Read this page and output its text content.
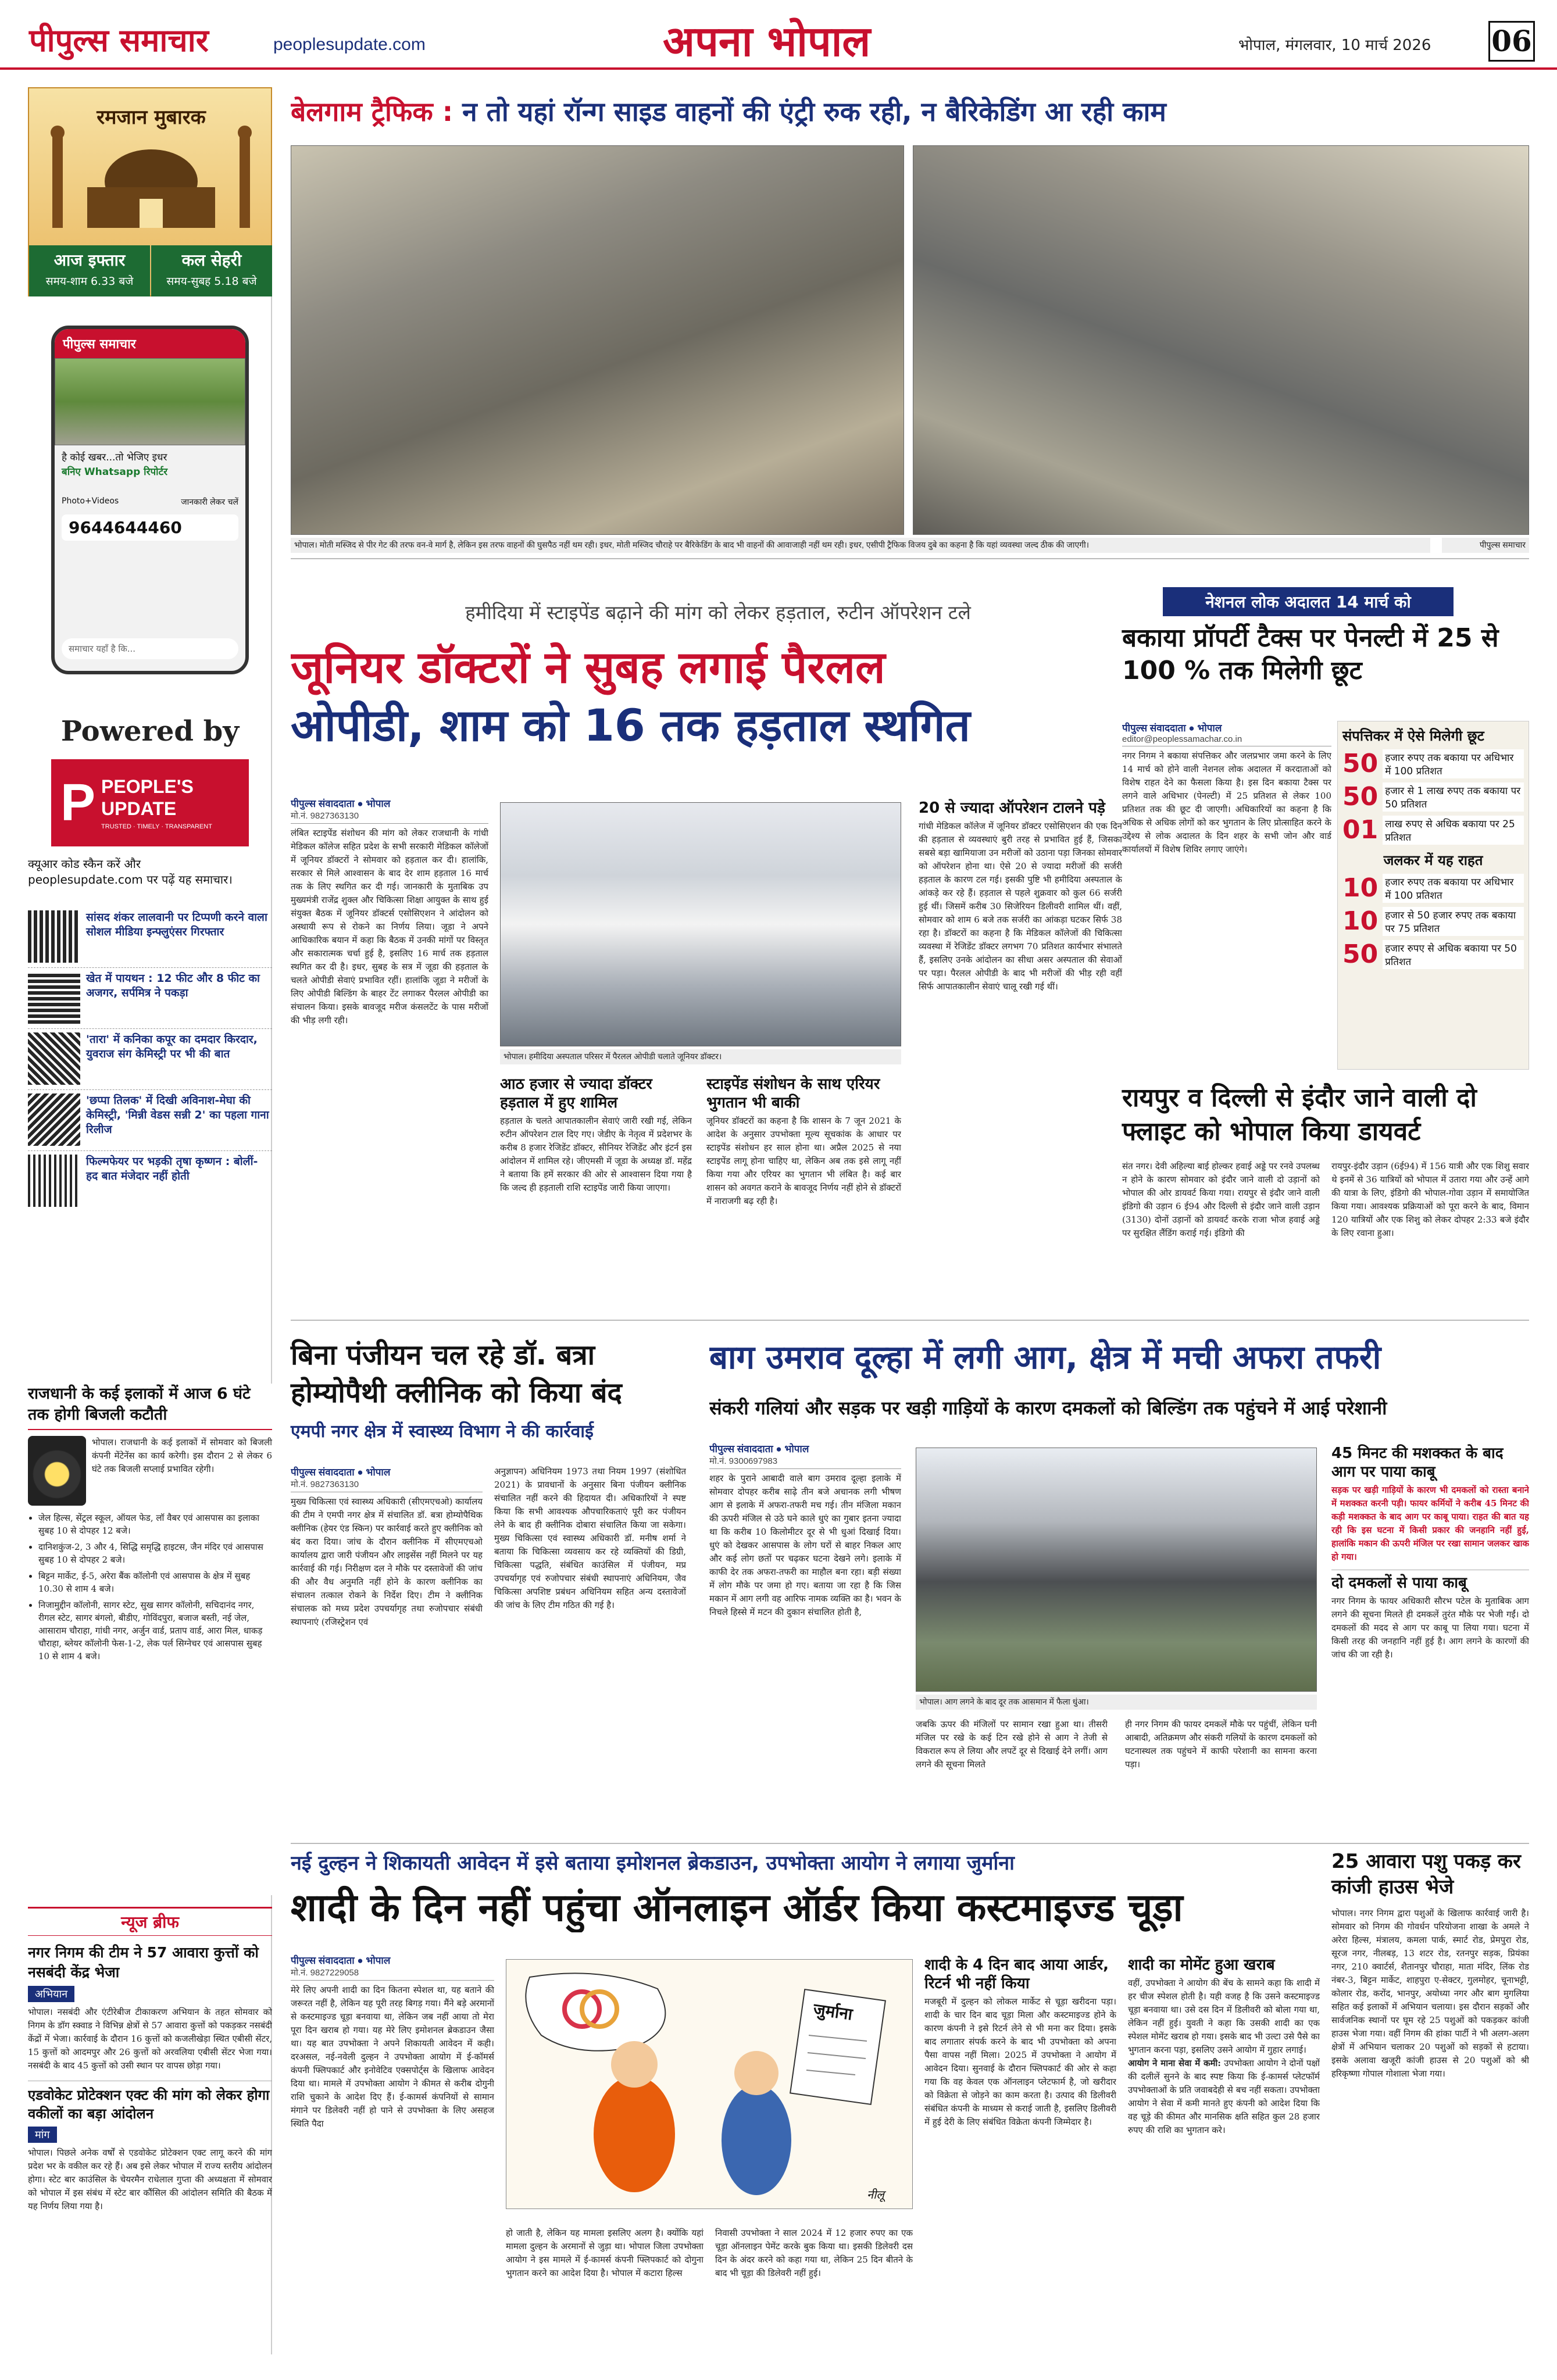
पीपुल्स समाचार	peoplesupdate.com	अपना भोपाल	भोपाल, मंगलवार, 10 मार्च 2026 06
रमजान मुबारक
आज इफ्तार
समय-शाम 6.33 बजे
कल सेहरी
समय-सुबह 5.18 बजे
पीपुल्स समाचार
है कोई खबर...तो भेजिए इधर
बनिए Whatsapp रिपोर्टर
Photo+Videos	जानकारी लेकर चलें
9644644460
समाचार यहाँ है कि...
Powered by
P PEOPLE'S UPDATE
TRUSTED · TIMELY · TRANSPARENT
क्यूआर कोड स्कैन करें और
peoplesupdate.com पर पढ़ें यह समाचार।
सांसद शंकर लालवानी पर टिप्पणी करने वाला सोशल मीडिया इन्फ्लुएंसर गिरफ्तार
खेत में पायथन : 12 फीट और 8 फीट का अजगर, सर्पमित्र ने पकड़ा
'तारा' में कनिका कपूर का दमदार किरदार, युवराज संग केमिस्ट्री पर भी की बात
'छप्पा तिलक' में दिखी अविनाश-मेघा की केमिस्ट्री, 'मिन्नी वेडस सन्नी 2' का पहला गाना रिलीज
फिल्मफेयर पर भड़की तृषा कृष्णन : बोलीं- हद बात मंजेदार नहीं होती
राजधानी के कई इलाकों में आज 6 घंटे तक होगी बिजली कटौती
भोपाल। राजधानी के कई इलाकों में सोमवार को बिजली कंपनी मेंटेनेंस का कार्य करेगी। इस दौरान 2 से लेकर 6 घंटे तक बिजली सप्लाई प्रभावित रहेगी।
• जेल हिल्स, सेंट्रल स्कूल, ऑयल फेड, लॉ वैबर एवं आसपास का इलाका सुबह 10 से दोपहर 12 बजे।
• दानिशकुंज-2, 3 और 4, सिद्धि समृद्धि हाइटस, जैन मंदिर एवं आसपास सुबह 10 से दोपहर 2 बजे।
• बिट्टन मार्केट, ई-5, अरेरा बैंक कॉलोनी एवं आसपास के क्षेत्र में सुबह 10.30 से शाम 4 बजे।
• निजामुद्दीन कॉलोनी, सागर स्टेट, सुख सागर कॉलोनी, सचिदानंद नगर, रीगल स्टेट, सागर बंगलो, बीडीए, गोविंदपुरा, बजाज बस्ती, नई जेल, आसाराम चौराहा, गांधी नगर, अर्जुन वार्ड, प्रताप वार्ड, आरा मिल, धाकड़ चौराहा, ब्लेयर कॉलोनी फेस-1-2, लेक पर्ल सिग्नेचर एवं आसपास सुबह 10 से शाम 4 बजे।
न्यूज ब्रीफ
नगर निगम की टीम ने 57 आवारा कुत्तों को नसबंदी केंद्र भेजा
अभियान
भोपाल। नसबंदी और एंटीरेबीज टीकाकरण अभियान के तहत सोमवार को निगम के डॉग स्क्वाड ने विभिन्न क्षेत्रों से 57 आवारा कुत्तों को पकड़कर नसबंदी केंद्रों में भेजा। कार्रवाई के दौरान 16 कुत्तों को कजलीखेड़ा स्थित एबीसी सेंटर, 15 कुत्तों को आदमपुर और 26 कुत्तों को अरवलिया एबीसी सेंटर भेजा गया। नसबंदी के बाद 45 कुत्तों को उसी स्थान पर वापस छोड़ा गया।
एडवोकेट प्रोटेक्शन एक्ट की मांग को लेकर होगा वकीलों का बड़ा आंदोलन
मांग
भोपाल। पिछले अनेक वर्षों से एडवोकेट प्रोटेक्शन एक्ट लागू करने की मांग प्रदेश भर के वकील कर रहे हैं। अब इसे लेकर भोपाल में राज्य स्तरीय आंदोलन होगा। स्टेट बार काउंसिल के चेयरमैन राधेलाल गुप्ता की अध्यक्षता में सोमवार को भोपाल में इस संबंध में स्टेट बार कौंसिल की आंदोलन समिति की बैठक में यह निर्णय लिया गया है।
बेलगाम ट्रैफिक : न तो यहां रॉन्ग साइड वाहनों की एंट्री रुक रही, न बैरिकेडिंग आ रही काम
भोपाल। मोती मस्जिद से पीर गेट की तरफ वन-वे मार्ग है, लेकिन इस तरफ वाहनों की घुसपैठ नहीं थम रही। इधर, मोती मस्जिद चौराहे पर बैरिकेडिंग के बाद भी वाहनों की आवाजाही नहीं थम रही। इधर, एसीपी ट्रैफिक विजय दुबे का कहना है कि यहां व्यवस्था जल्द ठीक की जाएगी।	पीपुल्स समाचार
हमीदिया में स्टाइपेंड बढ़ाने की मांग को लेकर हड़ताल, रुटीन ऑपरेशन टले
जूनियर डॉक्टरों ने सुबह लगाई पैरलल
ओपीडी, शाम को 16 तक हड़ताल स्थगित
पीपुल्स संवाददाता ● भोपाल
मो.नं. 9827363130
लंबित स्टाइपेंड संशोधन की मांग को लेकर राजधानी के गांधी मेडिकल कॉलेज सहित प्रदेश के सभी सरकारी मेडिकल कॉलेजों में जूनियर डॉक्टरों ने सोमवार को हड़ताल कर दी। हालांकि, सरकार से मिले आश्वासन के बाद देर शाम हड़ताल 16 मार्च तक के लिए स्थगित कर दी गई। जानकारी के मुताबिक उप मुख्यमंत्री राजेंद्र शुक्ल और चिकित्सा शिक्षा आयुक्त के साथ हुई संयुक्त बैठक में जूनियर डॉक्टर्स एसोसिएशन ने आंदोलन को अस्थायी रूप से रोकने का निर्णय लिया। जूडा ने अपने आधिकारिक बयान में कहा कि बैठक में उनकी मांगों पर विस्तृत और सकारात्मक चर्चा हुई है, इसलिए 16 मार्च तक हड़ताल स्थगित कर दी है। इधर, सुबह के सत्र में जूडा की हड़ताल के चलते ओपीडी सेवाएं प्रभावित रहीं। हालांकि जूडा ने मरीजों के लिए ओपीडी बिल्डिंग के बाहर टेंट लगाकर पैरलल ओपीडी का संचालन किया। इसके बावजूद मरीज कंसलटेंट के पास मरीजों की भीड़ लगी रही।
भोपाल। हमीदिया अस्पताल परिसर में पैरलल ओपीडी चलाते जूनियर डॉक्टर।
20 से ज्यादा ऑपरेशन टालने पड़े
गांधी मेडिकल कॉलेज में जूनियर डॉक्टर एसोसिएशन की एक दिन की हड़ताल से व्यवस्थाएं बुरी तरह से प्रभावित हुई हैं, जिसका सबसे बड़ा खामियाजा उन मरीजों को उठाना पड़ा जिनका सोमवार को ऑपरेशन होना था। ऐसे 20 से ज्यादा मरीजों की सर्जरी हड़ताल के कारण टल गई। इसकी पुष्टि भी हमीदिया अस्पताल के आंकड़े कर रहे हैं। हड़ताल से पहले शुक्रवार को कुल 66 सर्जरी हुई थीं। जिसमें करीब 30 सिजेरियन डिलीवरी शामिल थीं। वहीं, सोमवार को शाम 6 बजे तक सर्जरी का आंकड़ा घटकर सिर्फ 38 रहा है। डॉक्टरों का कहना है कि मेडिकल कॉलेजों की चिकित्सा व्यवस्था में रेजिडेंट डॉक्टर लगभग 70 प्रतिशत कार्यभार संभालते हैं, इसलिए उनके आंदोलन का सीधा असर अस्पताल की सेवाओं पर पड़ा। पैरलल ओपीडी के बाद भी मरीजों की भीड़ रही वहीं सिर्फ आपातकालीन सेवाएं चालू रखी गई थीं।
आठ हजार से ज्यादा डॉक्टर हड़ताल में हुए शामिल
हड़ताल के चलते आपातकालीन सेवाएं जारी रखी गई, लेकिन रुटीन ऑपरेशन टाल दिए गए। जेडीए के नेतृत्व में प्रदेशभर के करीब 8 हजार रेजिडेंट डॉक्टर, सीनियर रेजिडेंट और इंटर्न इस आंदोलन में शामिल रहे। जीएमसी में जूडा के अध्यक्ष डॉ. महेंद्र ने बताया कि हमें सरकार की ओर से आश्वासन दिया गया है कि जल्द ही हड़ताली राशि स्टाइपेंड जारी किया जाएगा।
स्टाइपेंड संशोधन के साथ एरियर भुगतान भी बाकी
जूनियर डॉक्टरों का कहना है कि शासन के 7 जून 2021 के आदेश के अनुसार उपभोक्ता मूल्य सूचकांक के आधार पर स्टाइपेंड संशोधन हर साल होना था। अप्रैल 2025 से नया स्टाइपेंड लागू होना चाहिए था, लेकिन अब तक इसे लागू नहीं किया गया और एरियर का भुगतान भी लंबित है। कई बार शासन को अवगत कराने के बावजूद निर्णय नहीं होने से डॉक्टरों में नाराजगी बढ़ रही है।
नेशनल लोक अदालत 14 मार्च को
बकाया प्रॉपर्टी टैक्स पर पेनल्टी में 25 से 100 % तक मिलेगी छूट
पीपुल्स संवाददाता ● भोपाल
editor@peoplessamachar.co.in
नगर निगम ने बकाया संपत्तिकर और जलप्रभार जमा करने के लिए 14 मार्च को होने वाली नेशनल लोक अदालत में करदाताओं को विशेष राहत देने का फैसला किया है। इस दिन बकाया टैक्स पर लगने वाले अधिभार (पेनल्टी) में 25 प्रतिशत से लेकर 100 प्रतिशत तक की छूट दी जाएगी। अधिकारियों का कहना है कि अधिक से अधिक लोगों को कर भुगतान के लिए प्रोत्साहित करने के उद्देश्य से लोक अदालत के दिन शहर के सभी जोन और वार्ड कार्यालयों में विशेष शिविर लगाए जाएंगे।
संपत्तिकर में ऐसे मिलेगी छूट
50 हजार रुपए तक बकाया पर अधिभार में 100 प्रतिशत
50 हजार से 1 लाख रुपए तक बकाया पर 50 प्रतिशत
01 लाख रुपए से अधिक बकाया पर 25 प्रतिशत
जलकर में यह राहत
10 हजार रुपए तक बकाया पर अधिभार में 100 प्रतिशत
10 हजार से 50 हजार रुपए तक बकाया पर 75 प्रतिशत
50 हजार रुपए से अधिक बकाया पर 50 प्रतिशत
रायपुर व दिल्ली से इंदौर जाने वाली दो फ्लाइट को भोपाल किया डायवर्ट
संत नगर। देवी अहिल्या बाई होल्कर हवाई अड्डे पर रनवे उपलब्ध न होने के कारण सोमवार को इंदौर जाने वाली दो उड़ानों को भोपाल की ओर डायवर्ट किया गया। रायपुर से इंदौर जाने वाली इंडिगो की उड़ान 6 ई94 और दिल्ली से इंदौर जाने वाली उड़ान (3130) दोनों उड़ानों को डायवर्ट करके राजा भोज हवाई अड्डे पर सुरक्षित लैंडिंग कराई गई। इंडिगो की
रायपुर-इंदौर उड़ान (6ई94) में 156 यात्री और एक शिशु सवार थे इनमें से 36 यात्रियों को भोपाल में उतारा गया और उन्हें आगे की यात्रा के लिए, इंडिगो की भोपाल-गोवा उड़ान में समायोजित किया गया। आवश्यक प्रक्रियाओं को पूरा करने के बाद, विमान 120 यात्रियों और एक शिशु को लेकर दोपहर 2:33 बजे इंदौर के लिए रवाना हुआ।
बिना पंजीयन चल रहे डॉ. बत्रा
होम्योपैथी क्लीनिक को किया बंद
एमपी नगर क्षेत्र में स्वास्थ्य विभाग ने की कार्रवाई
पीपुल्स संवाददाता ● भोपाल
मो.नं. 9827363130
मुख्य चिकित्सा एवं स्वास्थ्य अधिकारी (सीएमएचओ) कार्यालय की टीम ने एमपी नगर क्षेत्र में संचालित डॉ. बत्रा होम्योपैथिक क्लीनिक (हेयर एंड स्किन) पर कार्रवाई करते हुए क्लीनिक को बंद करा दिया। जांच के दौरान क्लीनिक में सीएमएचओ कार्यालय द्वारा जारी पंजीयन और लाइसेंस नहीं मिलने पर यह कार्रवाई की गई। निरीक्षण दल ने मौके पर दस्तावेजों की जांच की और वैध अनुमति नहीं होने के कारण क्लीनिक का संचालन तत्काल रोकने के निर्देश दिए। टीम ने क्लीनिक संचालक को मध्य प्रदेश उपचर्यागृह तथा रुजोपचार संबंधी स्थापनाएं (रजिस्ट्रेशन एवं
अनुज्ञापन) अधिनियम 1973 तथा नियम 1997 (संशोधित 2021) के प्रावधानों के अनुसार बिना पंजीयन क्लीनिक संचालित नहीं करने की हिदायत दी। अधिकारियों ने स्पष्ट किया कि सभी आवश्यक औपचारिकताएं पूरी कर पंजीयन लेने के बाद ही क्लीनिक दोबारा संचालित किया जा सकेगा। मुख्य चिकित्सा एवं स्वास्थ्य अधिकारी डॉ. मनीष शर्मा ने बताया कि चिकित्सा व्यवसाय कर रहे व्यक्तियों की डिग्री, चिकित्सा पद्धति, संबंधित काउंसिल में पंजीयन, मप्र उपचर्यागृह एवं रुजोपचार संबंधी स्थापनाएं अधिनियम, जैव चिकित्सा अपशिष्ट प्रबंधन अधिनियम सहित अन्य दस्तावेजों की जांच के लिए टीम गठित की गई है।
बाग उमराव दूल्हा में लगी आग, क्षेत्र में मची अफरा तफरी
संकरी गलियां और सड़क पर खड़ी गाड़ियों के कारण दमकलों को बिल्डिंग तक पहुंचने में आई परेशानी
पीपुल्स संवाददाता ● भोपाल
मो.नं. 9300697983
शहर के पुराने आबादी वाले बाग उमराव दूल्हा इलाके में सोमवार दोपहर करीब साढ़े तीन बजे अचानक लगी भीषण आग से इलाके में अफरा-तफरी मच गई। तीन मंजिला मकान की ऊपरी मंजिल से उठे घने काले धुएं का गुबार इतना ज्यादा था कि करीब 10 किलोमीटर दूर से भी धुआं दिखाई दिया। धुएं को देखकर आसपास के लोग घरों से बाहर निकल आए और कई लोग छतों पर चढ़कर घटना देखने लगे। इलाके में काफी देर तक अफरा-तफरी का माहौल बना रहा। बड़ी संख्या में लोग मौके पर जमा हो गए। बताया जा रहा है कि जिस मकान में आग लगी वह आरिफ नामक व्यक्ति का है। भवन के निचले हिस्से में मटन की दुकान संचालित होती है,
भोपाल। आग लगने के बाद दूर तक आसमान में फैला धुंआ।
जबकि ऊपर की मंजिलों पर सामान रखा हुआ था। तीसरी मंजिल पर रखे के कई टिन रखे होने से आग ने तेजी से विकराल रूप ले लिया और लपटें दूर से दिखाई देने लगीं। आग लगने की सूचना मिलते
ही नगर निगम की फायर दमकलें मौके पर पहुंचीं, लेकिन घनी आबादी, अतिक्रमण और संकरी गलियों के कारण दमकलों को घटनास्थल तक पहुंचने में काफी परेशानी का सामना करना पड़ा।
45 मिनट की मशक्कत के बाद आग पर पाया काबू
सड़क पर खड़ी गाड़ियों के कारण भी दमकलों को रास्ता बनाने में मशक्कत करनी पड़ी। फायर कर्मियों ने करीब 45 मिनट की कड़ी मशक्कत के बाद आग पर काबू पाया। राहत की बात यह रही कि इस घटना में किसी प्रकार की जनहानि नहीं हुई, हालांकि मकान की ऊपरी मंजिल पर रखा सामान जलकर खाक हो गया।
दो दमकलों से पाया काबू
नगर निगम के फायर अधिकारी सौरभ पटेल के मुताबिक आग लगने की सूचना मिलते ही दमकलें तुरंत मौके पर भेजी गईं। दो दमकलों की मदद से आग पर काबू पा लिया गया। घटना में किसी तरह की जनहानि नहीं हुई है। आग लगने के कारणों की जांच की जा रही है।
नई दुल्हन ने शिकायती आवेदन में इसे बताया इमोशनल ब्रेकडाउन, उपभोक्ता आयोग ने लगाया जुर्माना
शादी के दिन नहीं पहुंचा ऑनलाइन ऑर्डर किया कस्टमाइज्ड चूड़ा
पीपुल्स संवाददाता ● भोपाल
मो.नं. 9827229058
मेरे लिए अपनी शादी का दिन कितना स्पेशल था, यह बताने की जरूरत नहीं है, लेकिन यह पूरी तरह बिगड़ गया। मैंने बड़े अरमानों से कस्टमाइज्ड चूड़ा बनवाया था, लेकिन जब नहीं आया तो मेरा पूरा दिन खराब हो गया। यह मेरे लिए इमोशनल ब्रेकडाउन जैसा था। यह बात उपभोक्ता ने अपने शिकायती आवेदन में कही। दरअसल, नई-नवेली दुल्हन ने उपभोक्ता आयोग में ई-कॉमर्स कंपनी फ्लिपकार्ट और इनोवेटिव एक्सपोर्ट्स के खिलाफ आवेदन दिया था। मामले में उपभोक्ता आयोग ने कीमत से करीब दोगुनी राशि चुकाने के आदेश दिए हैं। ई-कामर्स कंपनियों से सामान मंगाने पर डिलेवरी नहीं हो पाने से उपभोक्ता के लिए असहज स्थिति पैदा
जुर्माना
नीलू
हो जाती है, लेकिन यह मामला इसलिए अलग है। क्योंकि यहां मामला दुल्हन के अरमानों से जुड़ा था। भोपाल जिला उपभोक्ता आयोग ने इस मामले में ई-कामर्स कंपनी फ्लिपकार्ट को दोगुना भुगतान करने का आदेश दिया है। भोपाल में कटारा हिल्स
निवासी उपभोक्ता ने साल 2024 में 12 हजार रुपए का एक चूड़ा ऑनलाइन पेमेंट करके बुक किया था। इसकी डिलेवरी दस दिन के अंदर करने को कहा गया था, लेकिन 25 दिन बीतने के बाद भी चूड़ा की डिलेवरी नहीं हुई।
शादी के 4 दिन बाद आया आर्डर, रिटर्न भी नहीं किया
मजबूरी में दुल्हन को लोकल मार्केट से चूड़ा खरीदना पड़ा। शादी के चार दिन बाद चूड़ा मिला और कस्टमाइज्ड होने के कारण कंपनी ने इसे रिटर्न लेने से भी मना कर दिया। इसके बाद लगातार संपर्क करने के बाद भी उपभोक्ता को अपना पैसा वापस नहीं मिला। 2025 में उपभोक्ता ने आयोग में आवेदन दिया। सुनवाई के दौरान फ्लिपकार्ट की ओर से कहा गया कि वह केवल एक ऑनलाइन प्लेटफार्म है, जो खरीदार को विक्रेता से जोड़ने का काम करता है। उत्पाद की डिलीवरी संबंधित कंपनी के माध्यम से कराई जाती है, इसलिए डिलीवरी में हुई देरी के लिए संबंधित विक्रेता कंपनी जिम्मेदार है।
शादी का मोमेंट हुआ खराब
वहीं, उपभोक्ता ने आयोग की बेंच के सामने कहा कि शादी में हर चीज स्पेशल होती है। यही वजह है कि उसने कस्टमाइज्ड चूड़ा बनवाया था। उसे दस दिन में डिलीवरी को बोला गया था, लेकिन नहीं हुई। युवती ने कहा कि उसकी शादी का एक स्पेशल मोमेंट खराब हो गया। इसके बाद भी उल्टा उसे पैसे का भुगतान करना पड़ा, इसलिए उसने आयोग में गुहार लगाई।
आयोग ने माना सेवा में कमी: उपभोक्ता आयोग ने दोनों पक्षों की दलीलें सुनने के बाद स्पष्ट किया कि ई-कामर्स प्लेटफॉर्म उपभोक्ताओं के प्रति जवाबदेही से बच नहीं सकता। उपभोक्ता आयोग ने सेवा में कमी मानते हुए कंपनी को आदेश दिया कि वह चूड़े की कीमत और मानसिक क्षति सहित कुल 28 हजार रुपए की राशि का भुगतान करे।
25 आवारा पशु पकड़ कर कांजी हाउस भेजे
भोपाल। नगर निगम द्वारा पशुओं के खिलाफ कार्रवाई जारी है। सोमवार को निगम की गोवर्धन परियोजना शाखा के अमले ने अरेरा हिल्स, मंत्रालय, कमला पार्क, स्मार्ट रोड, प्रेमपुरा रोड, सूरज नगर, नीलबड़, 13 शटर रोड, रतनपुर सड़क, प्रियंका नगर, 210 क्वार्टर्स, शैतानपुर चौराहा, माता मंदिर, लिंक रोड नंबर-3, बिट्टन मार्केट, शाहपुरा ए-सेक्टर, गुलमोहर, चूनाभट्टी, कोलार रोड, करोंद, भानपुर, अयोध्या नगर और बाग मुगलिया सहित कई इलाकों में अभियान चलाया। इस दौरान सड़कों और सार्वजनिक स्थानों पर घूम रहे 25 पशुओं को पकड़कर कांजी हाउस भेजा गया। वहीं निगम की हांका पार्टी ने भी अलग-अलग क्षेत्रों में अभियान चलाकर 20 पशुओं को सड़कों से हटाया। इसके अलावा खजूरी कांजी हाउस से 20 पशुओं को श्री हरिकृष्णा गोपाल गोशाला भेजा गया।
